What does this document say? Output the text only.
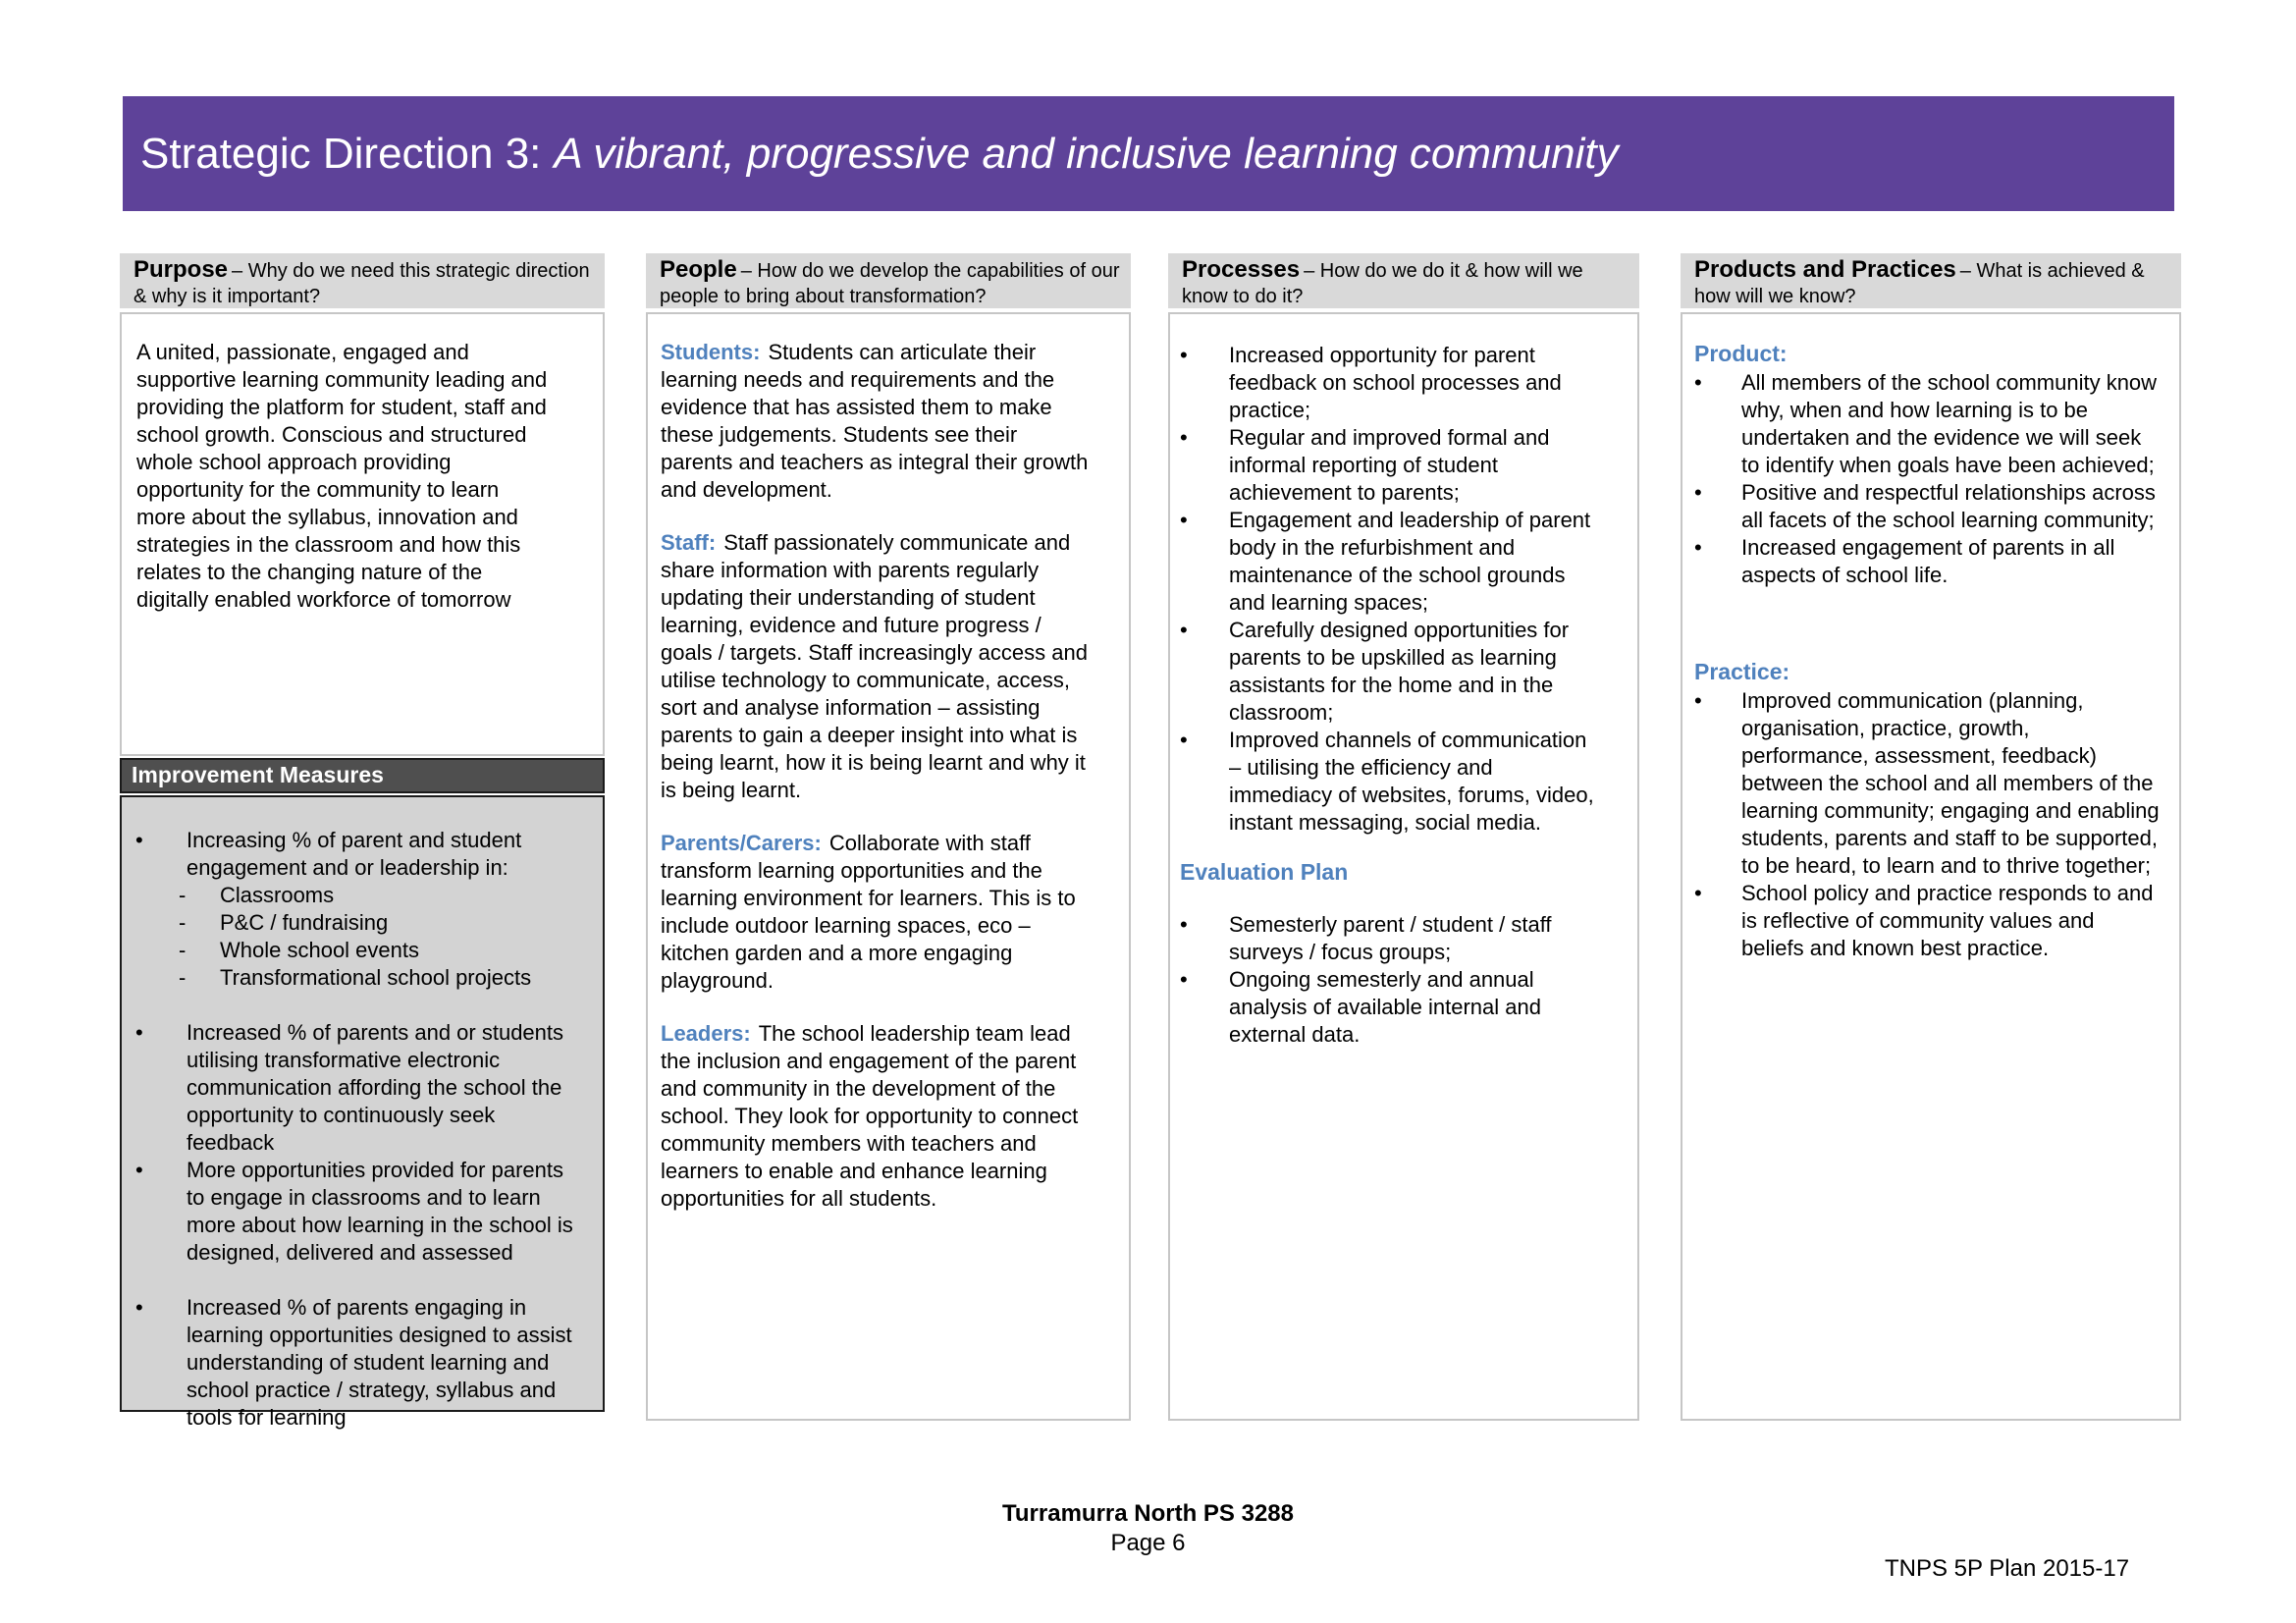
Strategic Direction 3: A vibrant, progressive and inclusive learning community
Purpose – Why do we need this strategic direction & why is it important?

A united, passionate, engaged and supportive learning community leading and providing the platform for student, staff and school growth. Conscious and structured whole school approach providing opportunity for the community to learn more about the syllabus, innovation and strategies in the classroom and how this relates to the changing nature of the digitally enabled workforce of tomorrow

Improvement Measures
•
Increasing % of parent and student engagement and or leadership in:
-
Classrooms
-
P&C / fundraising
-
Whole school events
-
Transformational school projects
•
Increased % of parents and or students utilising transformative electronic communication affording the school the opportunity to continuously seek feedback
•
More opportunities provided for parents to engage in classrooms and to learn more about how learning in the school is designed, delivered and assessed
•
Increased % of parents engaging in learning opportunities designed to assist understanding of student learning and school practice / strategy, syllabus and tools for learning
People – How do we develop the capabilities of our people to bring about transformation?

Students: Students can articulate their learning needs and requirements and the evidence that has assisted them to make these judgements. Students see their parents and teachers as integral their growth and development.

Staff: Staff passionately communicate and share information with parents regularly updating their understanding of student learning, evidence and future progress / goals / targets. Staff increasingly access and utilise technology to communicate, access, sort and analyse information – assisting parents to gain a deeper insight into what is being learnt, how it is being learnt and why it is being learnt.

Parents/Carers: Collaborate with staff transform learning opportunities and the learning environment for learners. This is to include outdoor learning spaces, eco – kitchen garden and a more engaging playground.

Leaders: The school leadership team lead the inclusion and engagement of the parent and community in the development of the school. They look for opportunity to connect community members with teachers and learners to enable and enhance learning opportunities for all students.

Processes – How do we do it & how will we know to do it?
•
Increased opportunity for parent feedback on school processes and practice;
•
Regular and improved formal and informal reporting of student achievement to parents;
•
Engagement and leadership of parent body in the refurbishment and maintenance of the school grounds and learning spaces;
•
Carefully designed opportunities for parents to be upskilled as learning assistants for the home and in the classroom;
•
Improved channels of communication – utilising the efficiency and immediacy of websites, forums, video, instant messaging, social media.
Evaluation Plan
•
Semesterly parent / student / staff surveys / focus groups;
•
Ongoing semesterly and annual analysis of available internal and external data.
Products and Practices – What is achieved & how will we know?
Product:
•
All members of the school community know why, when and how learning is to be undertaken and the evidence we will seek to identify when goals have been achieved;
•
Positive and respectful relationships across all facets of the school learning community;
•
Increased engagement of parents in all aspects of school life.
Practice:
•
Improved communication (planning, organisation, practice, growth, performance, assessment, feedback) between the school and all members of the learning community; engaging and enabling students, parents and staff to be supported, to be heard, to learn and to thrive together;
•
School policy and practice responds to and is reflective of community values and beliefs and known best practice.
Turramurra North PS 3288
Page 6
TNPS 5P Plan 2015-17
